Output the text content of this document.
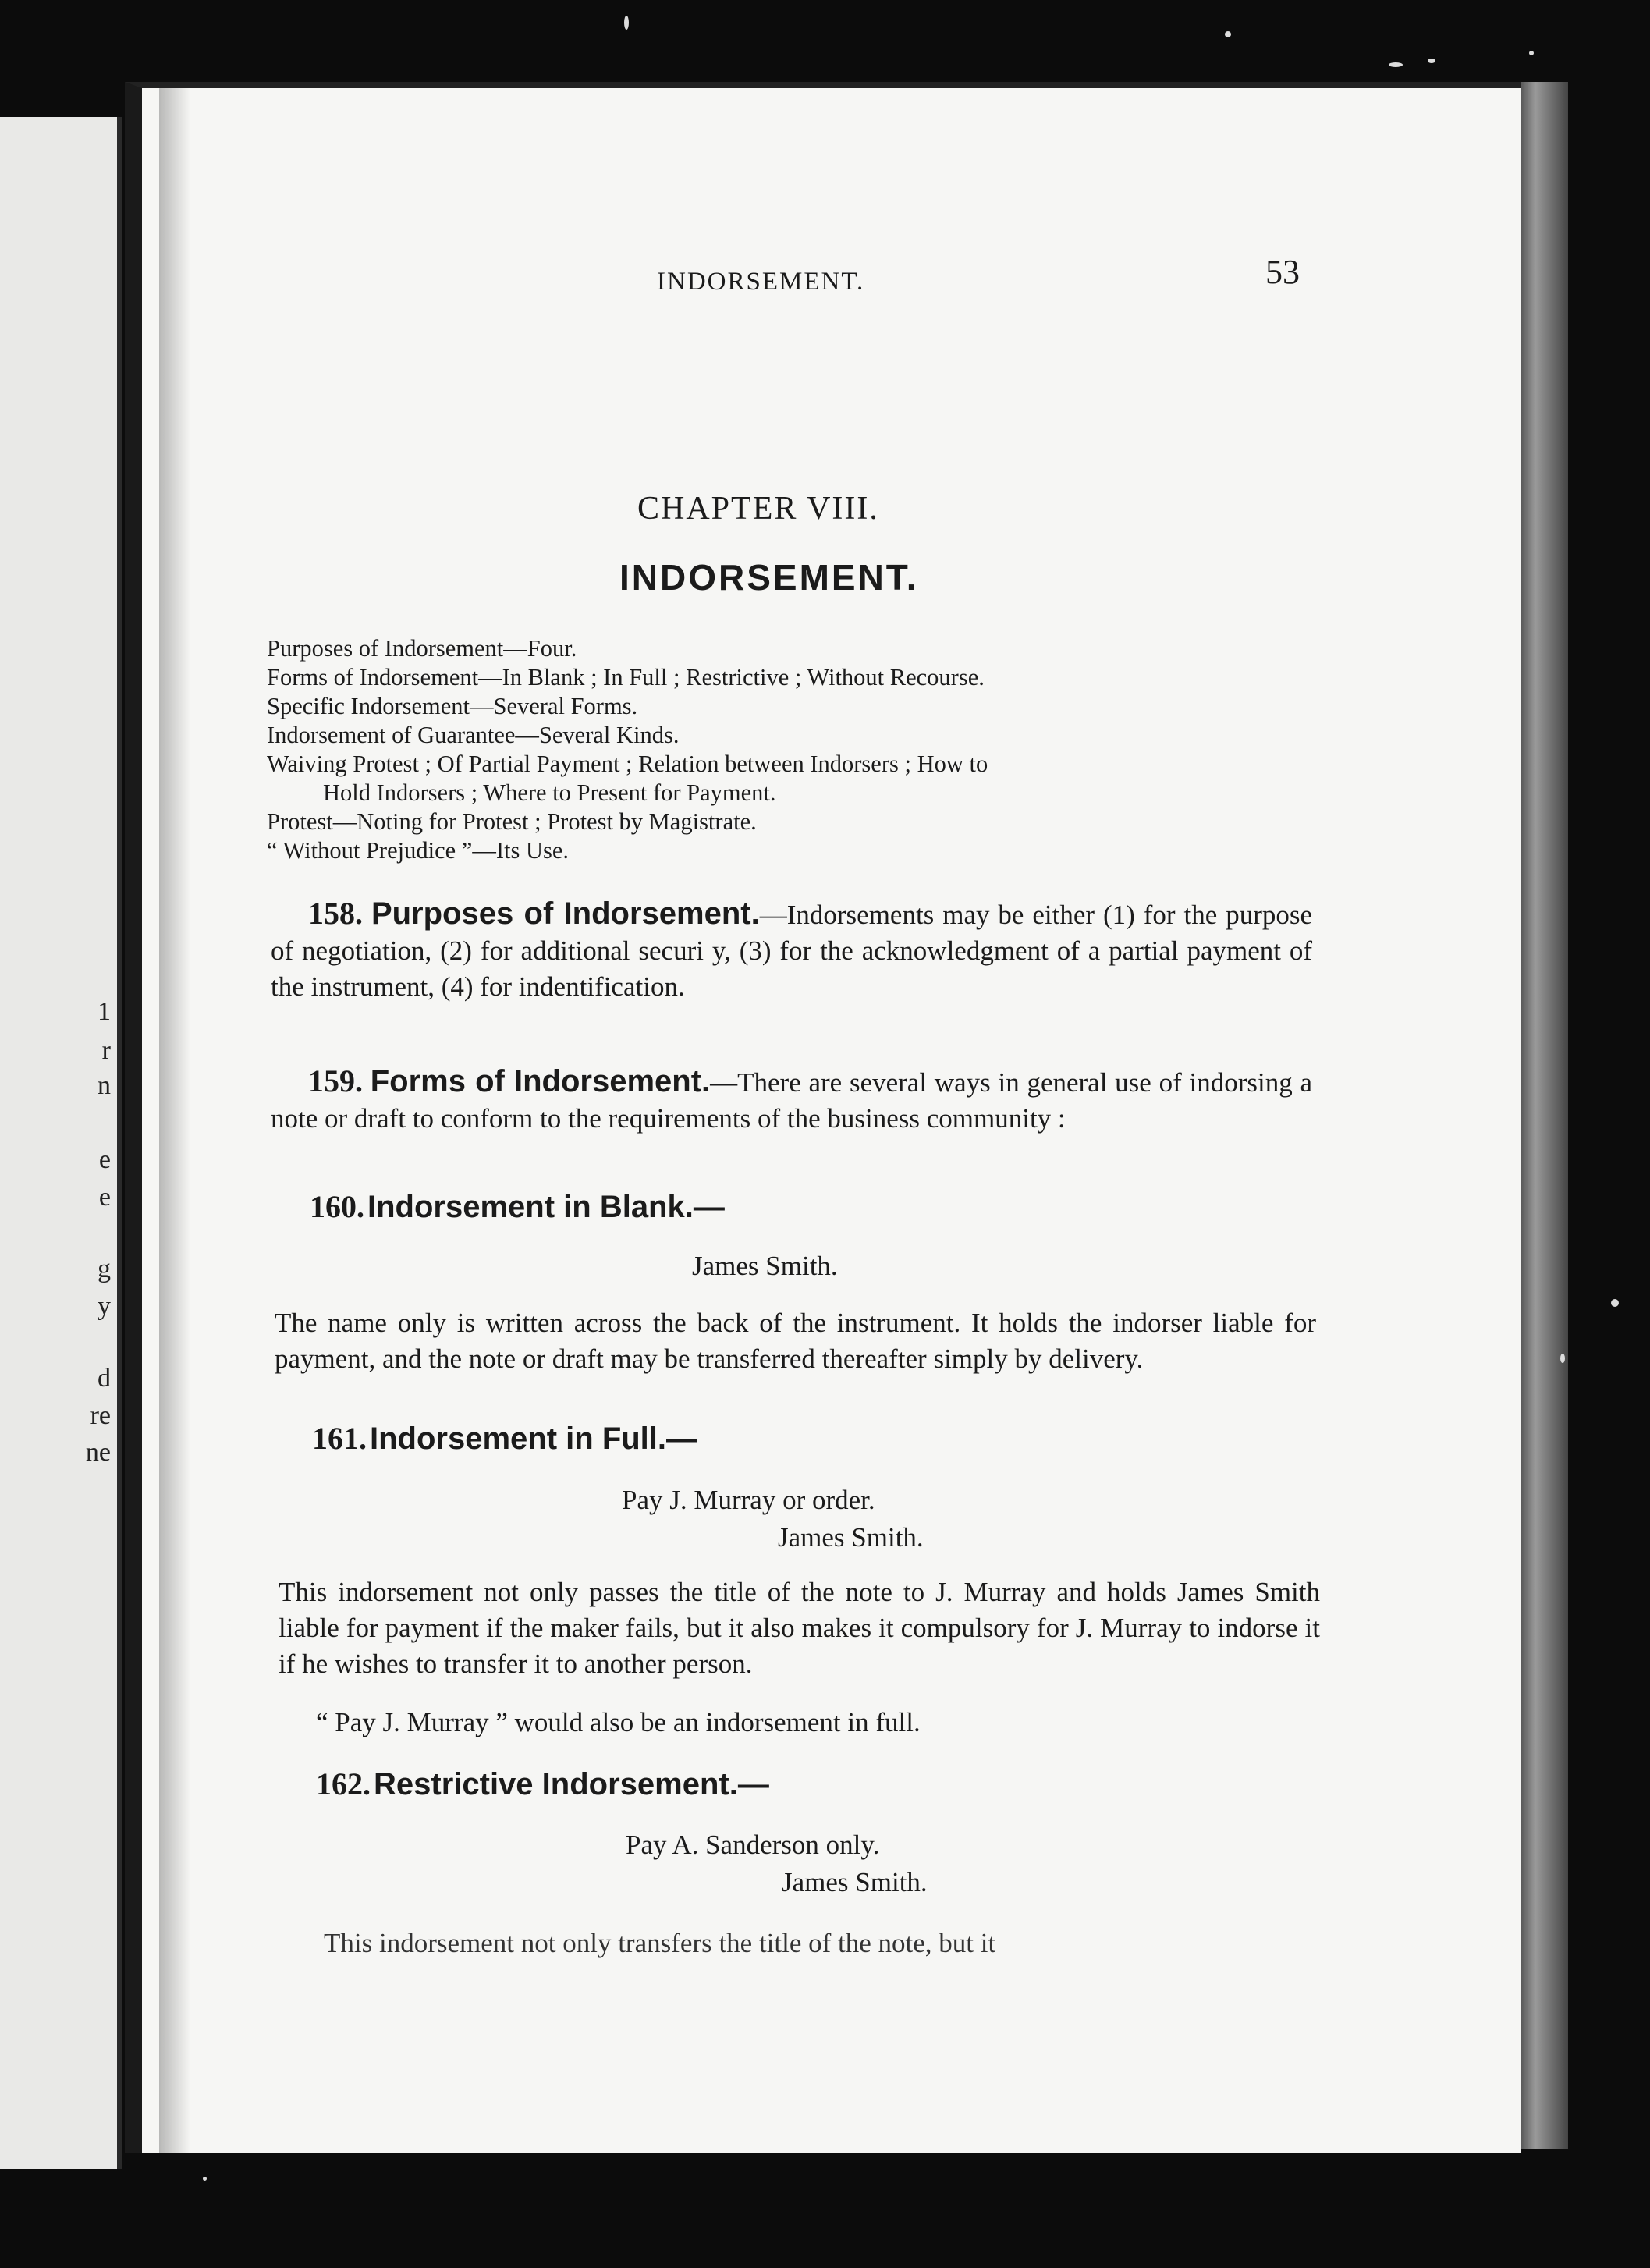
1
r
n
e
e
g
y
d
re
ne
INDORSEMENT.	53
CHAPTER VIII.
INDORSEMENT.
Purposes of Indorsement—Four.
Forms of Indorsement—In Blank ; In Full ; Restrictive ; Without Recourse.
Specific Indorsement—Several Forms.
Indorsement of Guarantee—Several Kinds.
Waiving Protest ; Of Partial Payment ; Relation between Indorsers ; How to
Hold Indorsers ; Where to Present for Payment.
Protest—Noting for Protest ; Protest by Magistrate.
“ Without Prejudice ”—Its Use.
158. Purposes of Indorsement.—Indorsements may be either (1) for the purpose of negotiation, (2) for additional securi y, (3) for the acknowledgment of a partial payment of the instrument, (4) for indentification.
159. Forms of Indorsement.—There are several ways in general use of indorsing a note or draft to conform to the requirements of the business community :
160. Indorsement in Blank.—
James Smith.
The name only is written across the back of the instrument. It holds the indorser liable for payment, and the note or draft may be transferred thereafter simply by delivery.
161. Indorsement in Full.—
Pay J. Murray or order.
James Smith.
This indorsement not only passes the title of the note to J. Murray and holds James Smith liable for payment if the maker fails, but it also makes it compulsory for J. Murray to indorse it if he wishes to transfer it to another person.
“ Pay J. Murray ” would also be an indorsement in full.
162. Restrictive Indorsement.—
Pay A. Sanderson only.
James Smith.
This indorsement not only transfers the title of the note, but it
